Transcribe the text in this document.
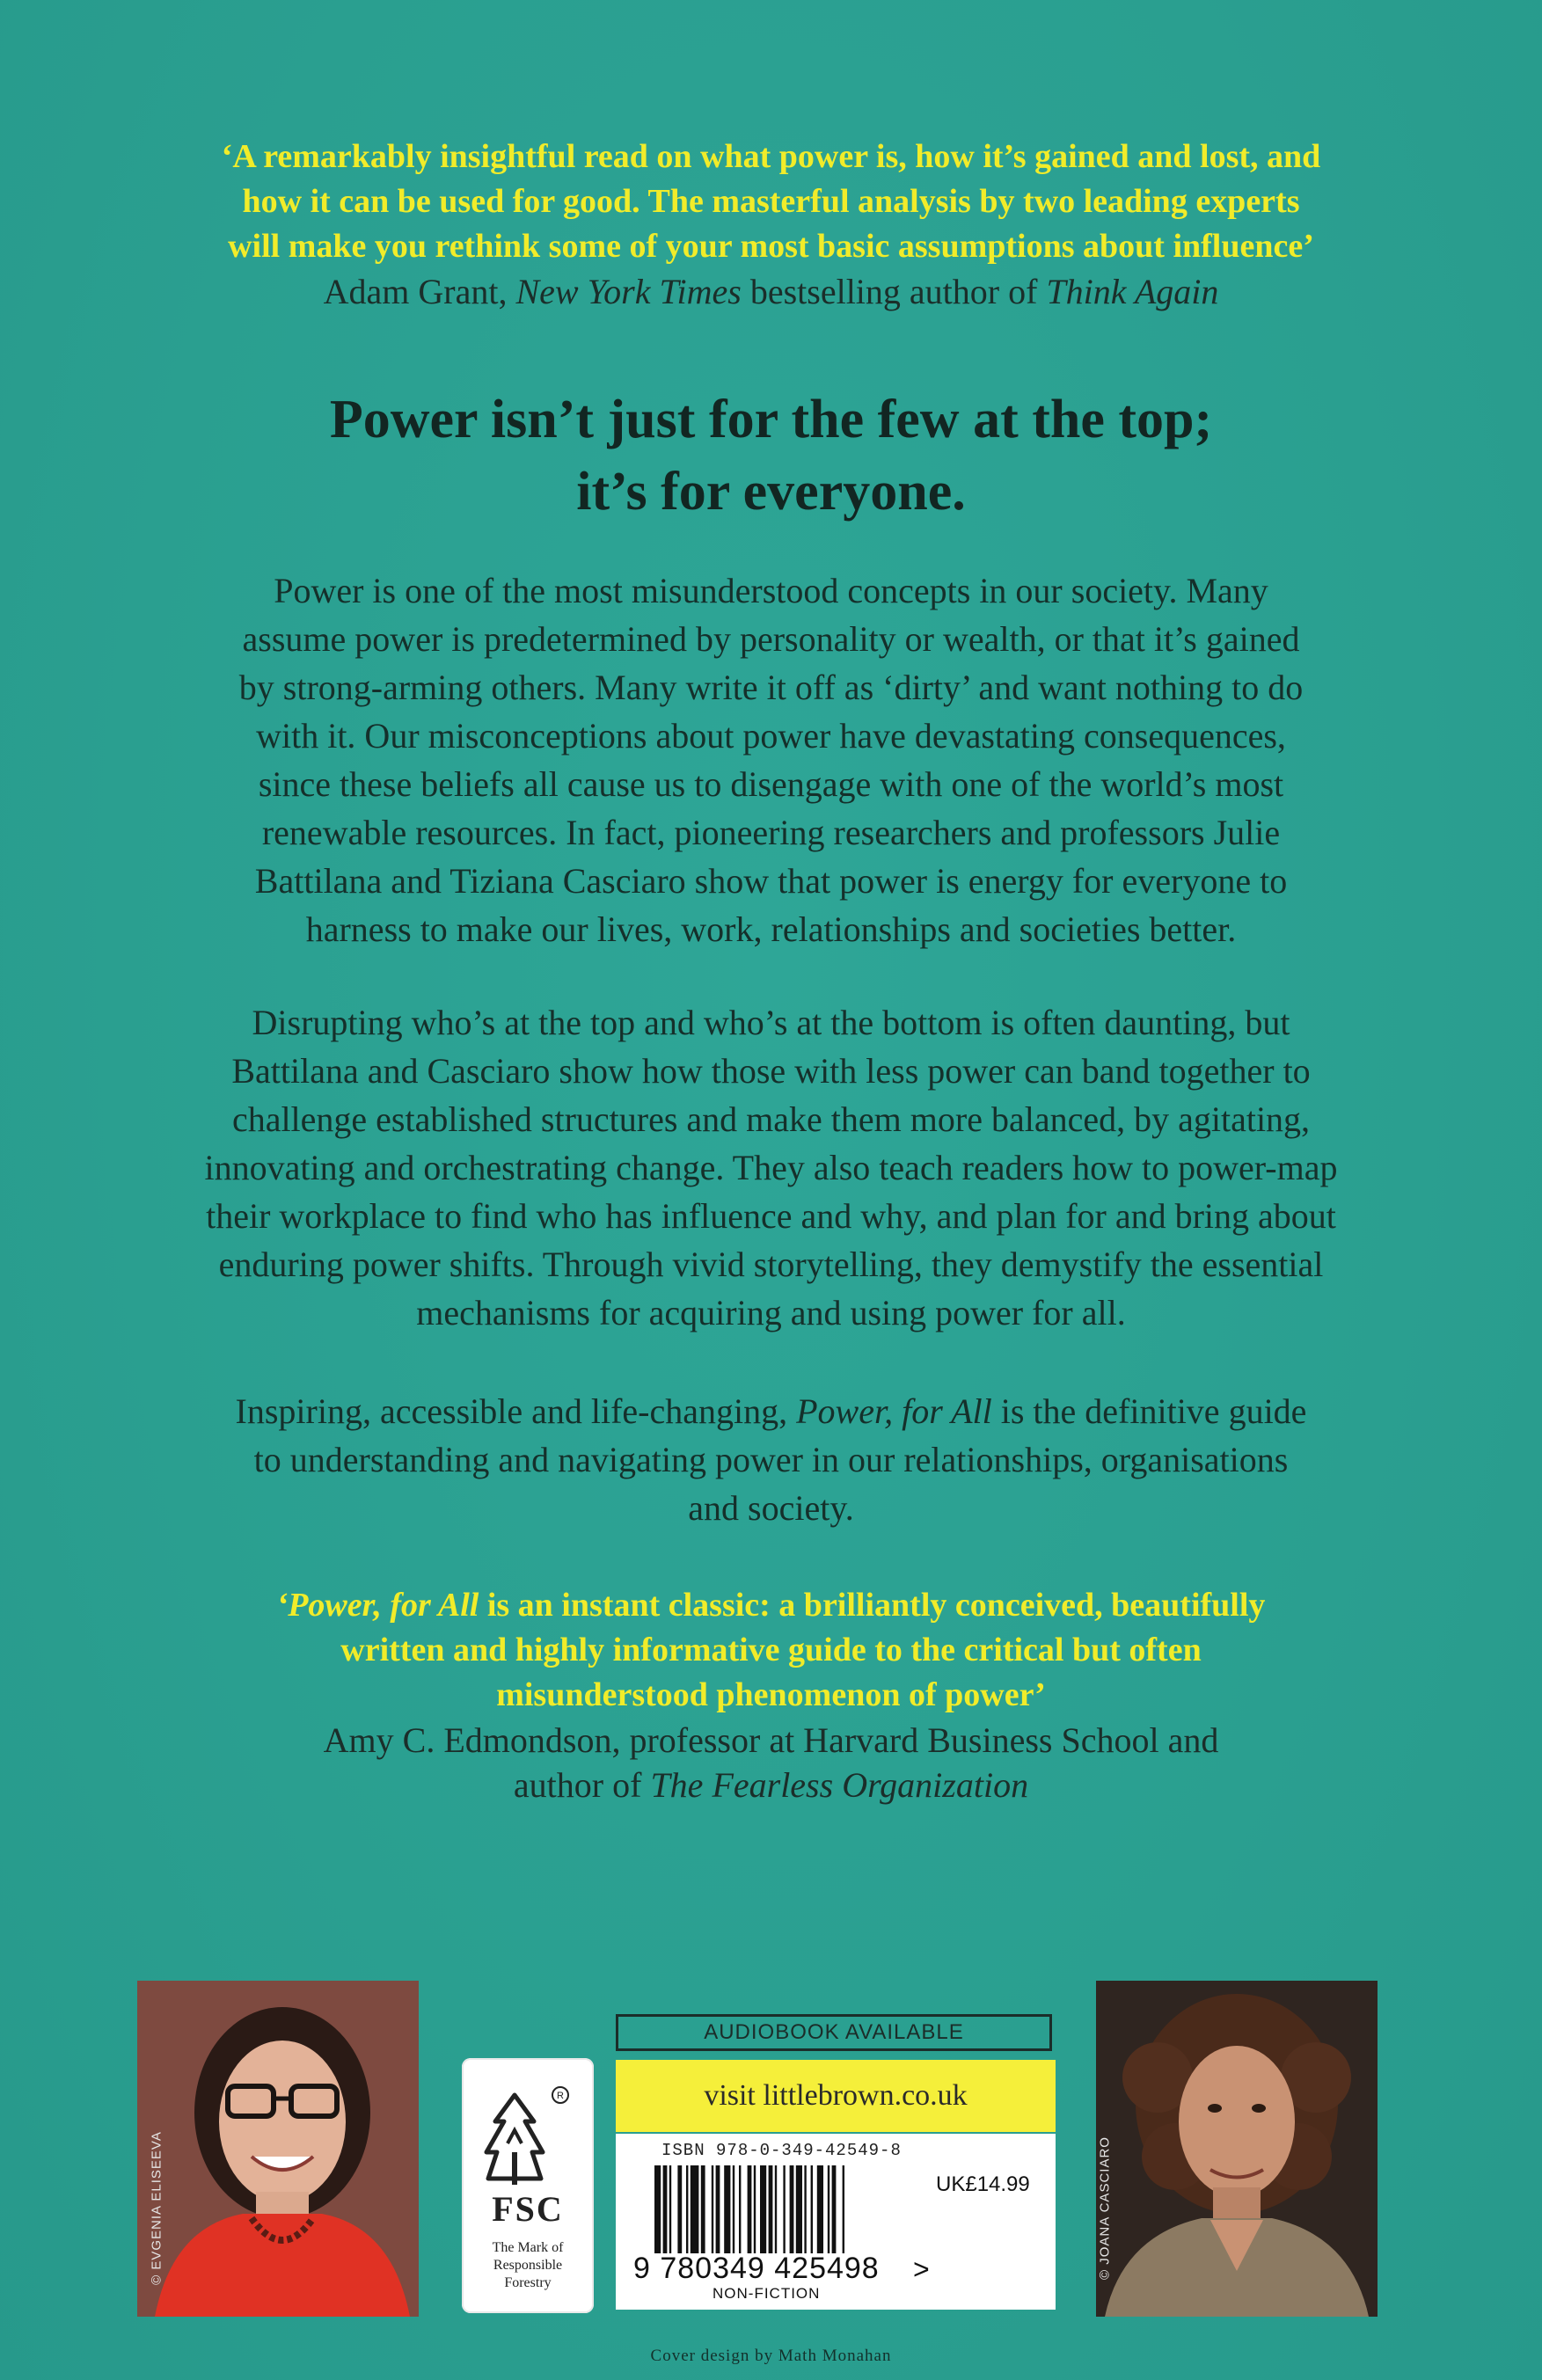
‘A remarkably insightful read on what power is, how it’s gained and lost, and
how it can be used for good. The masterful analysis by two leading experts
will make you rethink some of your most basic assumptions about influence’
Adam Grant, New York Times bestselling author of Think Again
Power isn’t just for the few at the top;
it’s for everyone.
Power is one of the most misunderstood concepts in our society. Many
assume power is predetermined by personality or wealth, or that it’s gained
by strong-arming others. Many write it off as ‘dirty’ and want nothing to do
with it. Our misconceptions about power have devastating consequences,
since these beliefs all cause us to disengage with one of the world’s most
renewable resources. In fact, pioneering researchers and professors Julie
Battilana and Tiziana Casciaro show that power is energy for everyone to
harness to make our lives, work, relationships and societies better.
Disrupting who’s at the top and who’s at the bottom is often daunting, but
Battilana and Casciaro show how those with less power can band together to
challenge established structures and make them more balanced, by agitating,
innovating and orchestrating change. They also teach readers how to power-map
their workplace to find who has influence and why, and plan for and bring about
enduring power shifts. Through vivid storytelling, they demystify the essential
mechanisms for acquiring and using power for all.
Inspiring, accessible and life-changing, Power, for All is the definitive guide
to understanding and navigating power in our relationships, organisations
and society.
‘Power, for All is an instant classic: a brilliantly conceived, beautifully
written and highly informative guide to the critical but often
misunderstood phenomenon of power’
Amy C. Edmondson, professor at Harvard Business School and
author of The Fearless Organization
© EVGENIA ELISEEVA
R
FSC
The Mark of
Responsible
Forestry
AUDIOBOOK AVAILABLE
visit littlebrown.co.uk
ISBN 978-0-349-42549-8
UK£14.99
9 780349 425498 >
NON-FICTION
© JOANA CASCIARO
Cover design by Math Monahan
